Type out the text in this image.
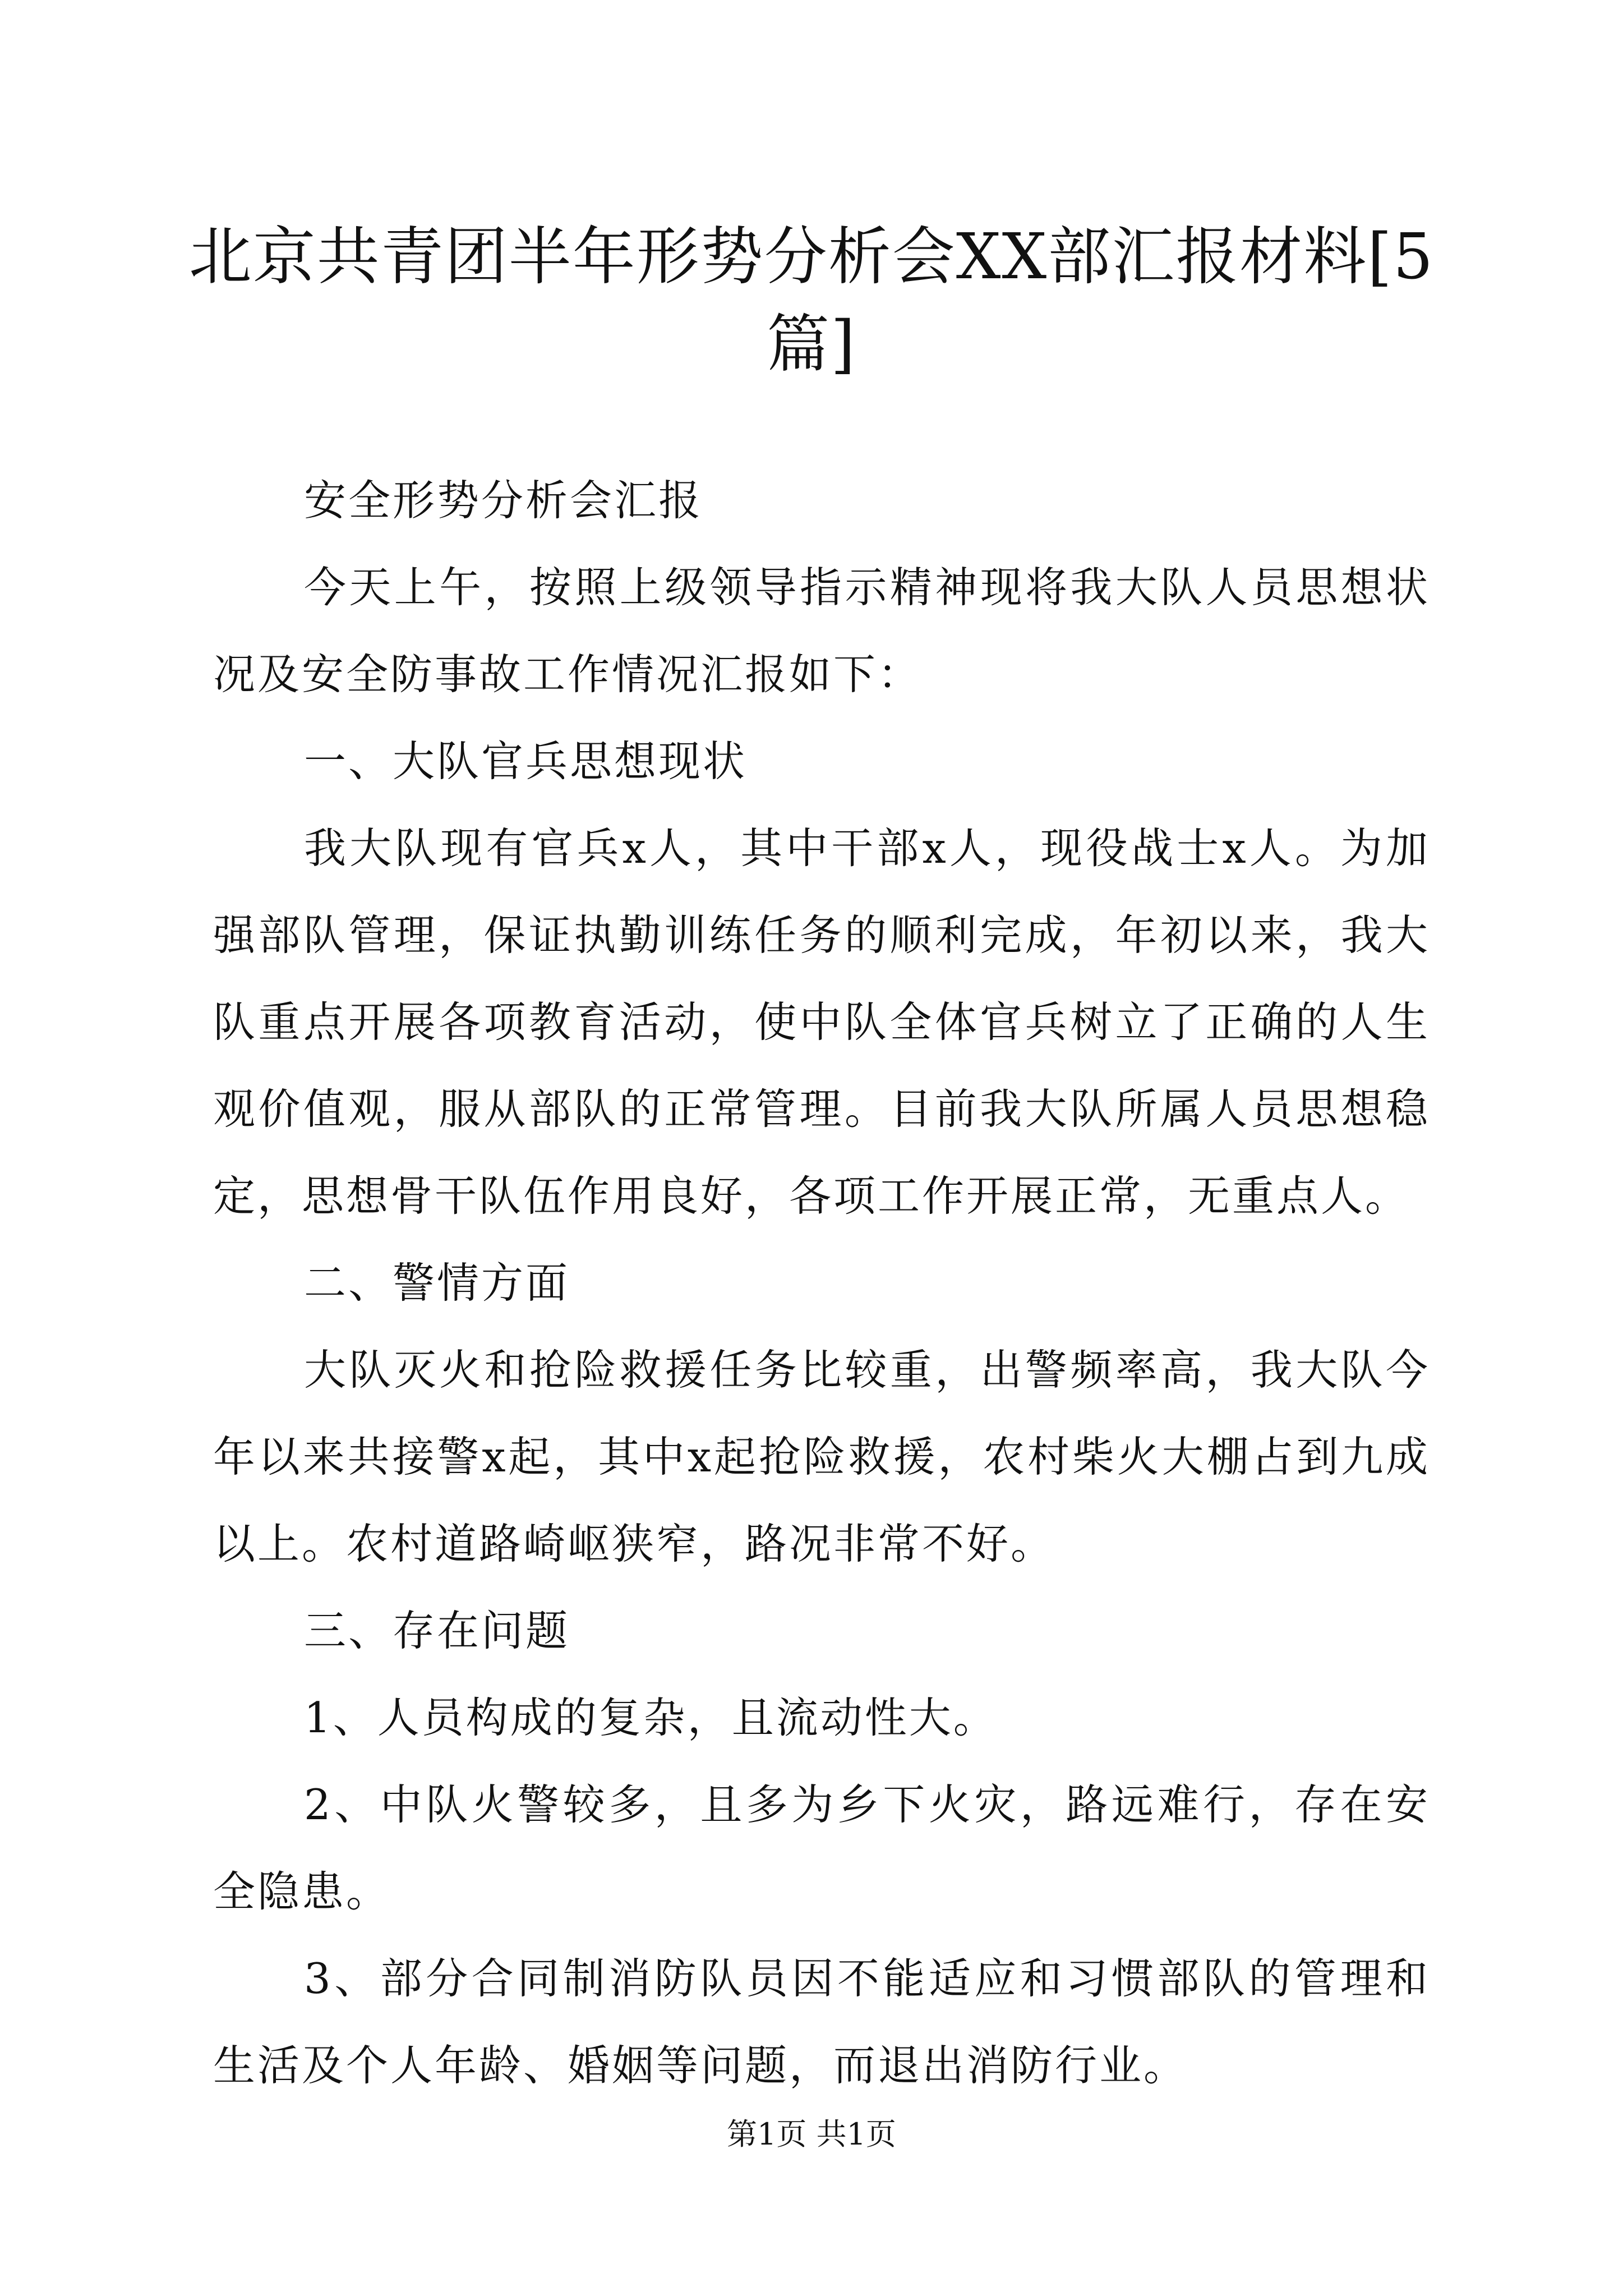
北京共青团半年形势分析会XX部汇报材料[5篇]

安全形势分析会汇报

今天上午，按照上级领导指示精神现将我大队人员思想状况及安全防事故工作情况汇报如下：

一、大队官兵思想现状

我大队现有官兵x人，其中干部x人，现役战士x人。为加强部队管理，保证执勤训练任务的顺利完成，年初以来，我大队重点开展各项教育活动，使中队全体官兵树立了正确的人生观价值观，服从部队的正常管理。目前我大队所属人员思想稳定，思想骨干队伍作用良好，各项工作开展正常，无重点人。

二、警情方面

大队灭火和抢险救援任务比较重，出警频率高，我大队今年以来共接警x起，其中x起抢险救援，农村柴火大棚占到九成以上。农村道路崎岖狭窄，路况非常不好。

三、存在问题

1、人员构成的复杂，且流动性大。

2、中队火警较多，且多为乡下火灾，路远难行，存在安全隐患。

3、部分合同制消防队员因不能适应和习惯部队的管理和生活及个人年龄、婚姻等问题，而退出消防行业。

第1页 共1页
